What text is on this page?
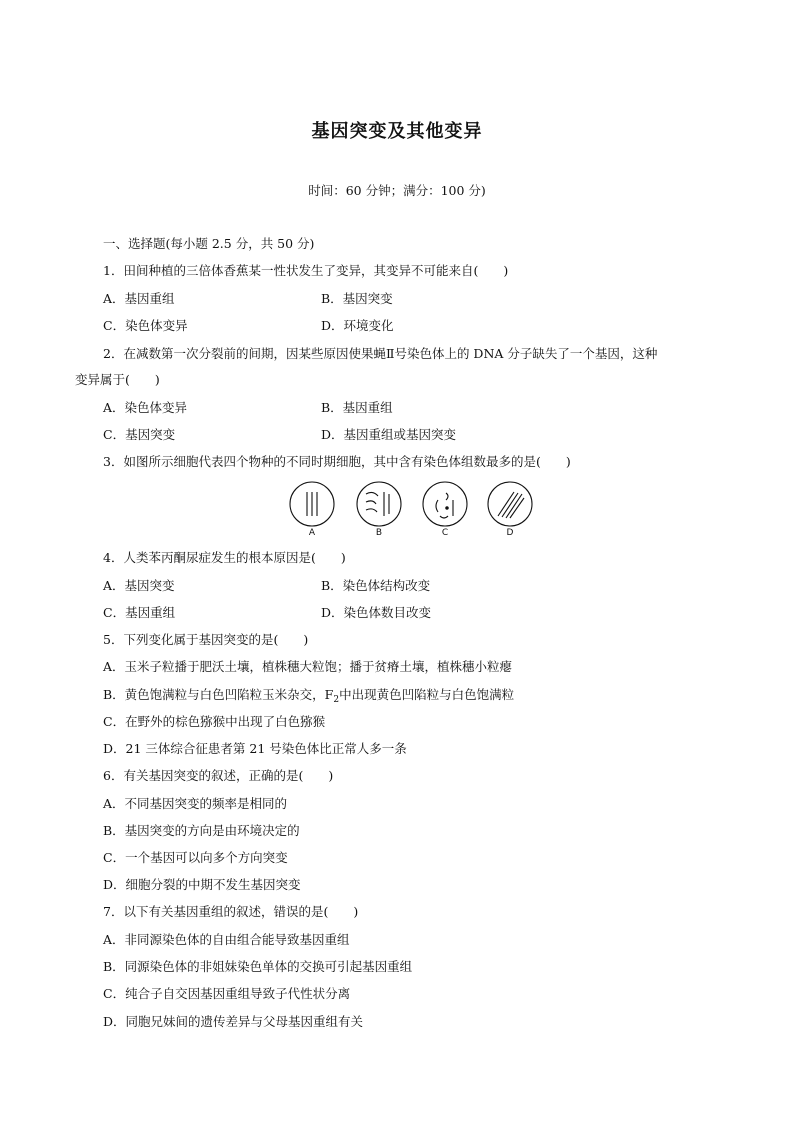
基因突变及其他变异
时间：60 分钟；满分：100 分)
一、选择题(每小题 2.5 分，共 50 分)
1．田间种植的三倍体香蕉某一性状发生了变异，其变异不可能来自(　　)
A．基因重组	B．基因突变
C．染色体变异	D．环境变化
2．在减数第一次分裂前的间期，因某些原因使果蝇Ⅱ号染色体上的 DNA 分子缺失了一个基因，这种
变异属于(　　)
A．染色体变异	B．基因重组
C．基因突变	D．基因重组或基因突变
3．如图所示细胞代表四个物种的不同时期细胞，其中含有染色体组数最多的是(　　)
A	B	C	D
4．人类苯丙酮尿症发生的根本原因是(　　)
A．基因突变	B．染色体结构改变
C．基因重组	D．染色体数目改变
5．下列变化属于基因突变的是(　　)
A．玉米子粒播于肥沃土壤，植株穗大粒饱；播于贫瘠土壤，植株穗小粒瘪
B．黄色饱满粒与白色凹陷粒玉米杂交，$F_2$中出现黄色凹陷粒与白色饱满粒
C．在野外的棕色猕猴中出现了白色猕猴
D．21 三体综合征患者第 21 号染色体比正常人多一条
6．有关基因突变的叙述，正确的是(　　)
A．不同基因突变的频率是相同的
B．基因突变的方向是由环境决定的
C．一个基因可以向多个方向突变
D．细胞分裂的中期不发生基因突变
7．以下有关基因重组的叙述，错误的是(　　)
A．非同源染色体的自由组合能导致基因重组
B．同源染色体的非姐妹染色单体的交换可引起基因重组
C．纯合子自交因基因重组导致子代性状分离
D．同胞兄妹间的遗传差异与父母基因重组有关
